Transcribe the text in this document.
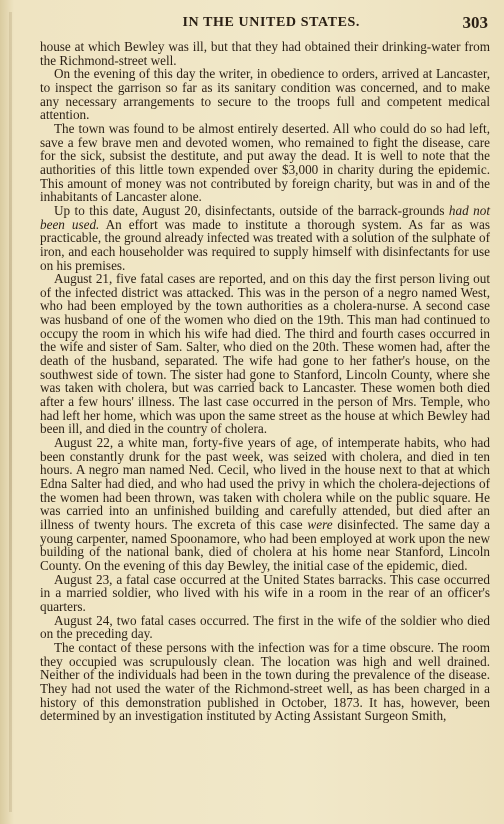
IN THE UNITED STATES.	303

house at which Bewley was ill, but that they had obtained their drinking-water from the Richmond-street well.

On the evening of this day the writer, in obedience to orders, arrived at Lancaster, to inspect the garrison so far as its sanitary condition was concerned, and to make any necessary arrangements to secure to the troops full and competent medical attention.

The town was found to be almost entirely deserted. All who could do so had left, save a few brave men and devoted women, who remained to fight the disease, care for the sick, subsist the destitute, and put away the dead. It is well to note that the authorities of this little town expended over $3,000 in charity during the epidemic. This amount of money was not contributed by foreign charity, but was in and of the inhabitants of Lancaster alone.

Up to this date, August 20, disinfectants, outside of the barrack-grounds had not been used. An effort was made to institute a thorough system. As far as was practicable, the ground already infected was treated with a solution of the sulphate of iron, and each householder was required to supply himself with disinfectants for use on his premises.

August 21, five fatal cases are reported, and on this day the first person living out of the infected district was attacked. This was in the person of a negro named West, who had been employed by the town authorities as a cholera-nurse. A second case was husband of one of the women who died on the 19th. This man had continued to occupy the room in which his wife had died. The third and fourth cases occurred in the wife and sister of Sam. Salter, who died on the 20th. These women had, after the death of the husband, separated. The wife had gone to her father's house, on the southwest side of town. The sister had gone to Stanford, Lincoln County, where she was taken with cholera, but was carried back to Lancaster. These women both died after a few hours' illness. The last case occurred in the person of Mrs. Temple, who had left her home, which was upon the same street as the house at which Bewley had been ill, and died in the country of cholera.

August 22, a white man, forty-five years of age, of intemperate habits, who had been constantly drunk for the past week, was seized with cholera, and died in ten hours. A negro man named Ned. Cecil, who lived in the house next to that at which Edna Salter had died, and who had used the privy in which the cholera-dejections of the women had been thrown, was taken with cholera while on the public square. He was carried into an unfinished building and carefully attended, but died after an illness of twenty hours. The excreta of this case were disinfected. The same day a young carpenter, named Spoonamore, who had been employed at work upon the new building of the national bank, died of cholera at his home near Stanford, Lincoln County. On the evening of this day Bewley, the initial case of the epidemic, died.

August 23, a fatal case occurred at the United States barracks. This case occurred in a married soldier, who lived with his wife in a room in the rear of an officer's quarters.

August 24, two fatal cases occurred. The first in the wife of the soldier who died on the preceding day.

The contact of these persons with the infection was for a time obscure. The room they occupied was scrupulously clean. The location was high and well drained. Neither of the individuals had been in the town during the prevalence of the disease. They had not used the water of the Richmond-street well, as has been charged in a history of this demonstration published in October, 1873. It has, however, been determined by an investigation instituted by Acting Assistant Surgeon Smith,
